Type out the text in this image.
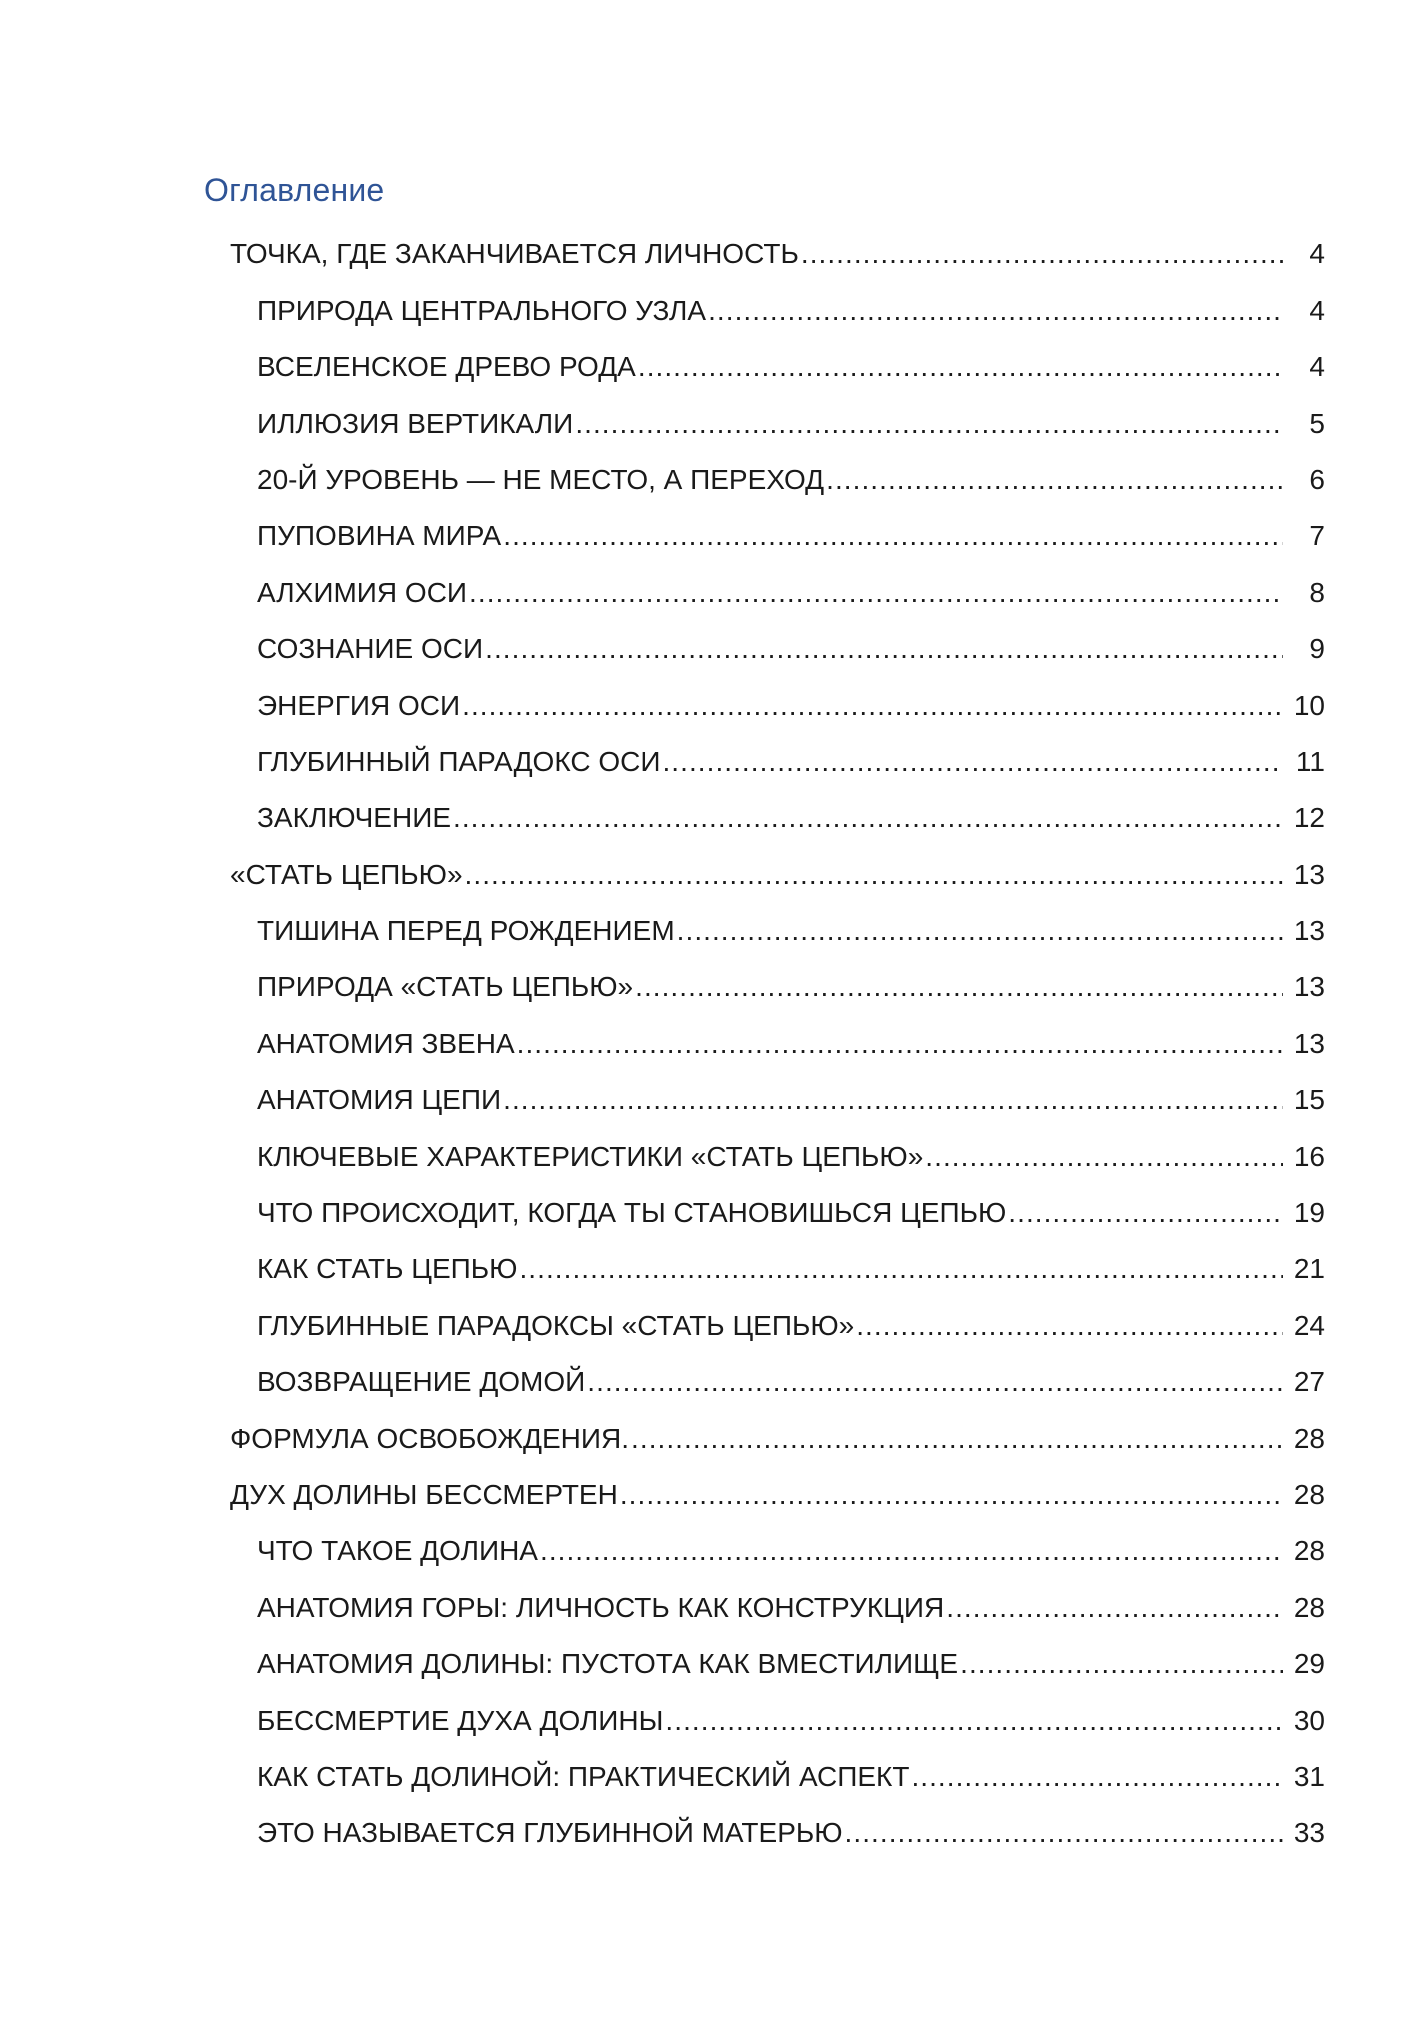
Оглавление
ТОЧКА, ГДЕ ЗАКАНЧИВАЕТСЯ ЛИЧНОСТЬ .....	4
ПРИРОДА ЦЕНТРАЛЬНОГО УЗЛА .....	4
ВСЕЛЕНСКОЕ ДРЕВО РОДА .....	4
ИЛЛЮЗИЯ ВЕРТИКАЛИ .....	5
20-Й УРОВЕНЬ — НЕ МЕСТО, А ПЕРЕХОД .....	6
ПУПОВИНА МИРА .....	7
АЛХИМИЯ ОСИ .....	8
СОЗНАНИЕ ОСИ .....	9
ЭНЕРГИЯ ОСИ .....	10
ГЛУБИННЫЙ ПАРАДОКС ОСИ .....	11
ЗАКЛЮЧЕНИЕ .....	12
«СТАТЬ ЦЕПЬЮ» .....	13
ТИШИНА ПЕРЕД РОЖДЕНИЕМ .....	13
ПРИРОДА «СТАТЬ ЦЕПЬЮ» .....	13
АНАТОМИЯ ЗВЕНА .....	13
АНАТОМИЯ ЦЕПИ .....	15
КЛЮЧЕВЫЕ ХАРАКТЕРИСТИКИ «СТАТЬ ЦЕПЬЮ» .....	16
ЧТО ПРОИСХОДИТ, КОГДА ТЫ СТАНОВИШЬСЯ ЦЕПЬЮ .....	19
КАК СТАТЬ ЦЕПЬЮ .....	21
ГЛУБИННЫЕ ПАРАДОКСЫ «СТАТЬ ЦЕПЬЮ» .....	24
ВОЗВРАЩЕНИЕ ДОМОЙ .....	27
ФОРМУЛА ОСВОБОЖДЕНИЯ. .....	28
ДУХ ДОЛИНЫ БЕССМЕРТЕН .....	28
ЧТО ТАКОЕ ДОЛИНА .....	28
АНАТОМИЯ ГОРЫ: ЛИЧНОСТЬ КАК КОНСТРУКЦИЯ .....	28
АНАТОМИЯ ДОЛИНЫ: ПУСТОТА КАК ВМЕСТИЛИЩЕ .....	29
БЕССМЕРТИЕ ДУХА ДОЛИНЫ .....	30
КАК СТАТЬ ДОЛИНОЙ: ПРАКТИЧЕСКИЙ АСПЕКТ .....	31
ЭТО НАЗЫВАЕТСЯ ГЛУБИННОЙ МАТЕРЬЮ .....	33
